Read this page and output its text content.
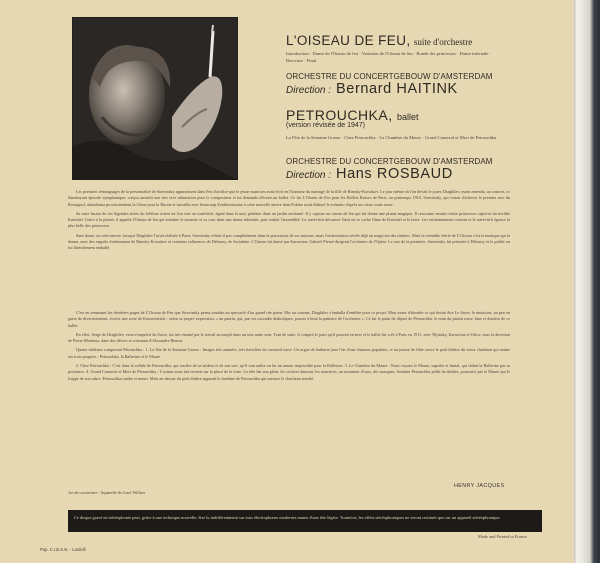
L'OISEAU DE FEU, suite d'orchestre
Introduction · Danse de l'Oiseau de feu · Variation de l'Oiseau de feu · Ronde des princesses · Danse infernale · Berceuse · Final
ORCHESTRE DU CONCERTGEBOUW D'AMSTERDAM
Direction : Bernard HAITINK
PETROUCHKA, ballet
(version révisée de 1947)
La Fête de la Semaine Grasse · Chez Petrouchka · La Chambre du Maure · Grand Carnaval et Mort de Petrouchka
ORCHESTRE DU CONCERTGEBOUW D'AMSTERDAM
Direction : Hans ROSBAUD

Les premiers témoignages de la personnalité de Stravinsky apparaissent dans Feu d'artifice que le jeune musicien avait écrit en l'honneur du mariage de la fille de Rimsky-Korsakov. Le jour même où l'on devait le jouer, Diaghilev, ayant entendu, au concert, ce flamboyant épisode symphonique, conçut aussitôt une très vive admiration pour le compositeur et lui demanda d'écrire un ballet. Ce fut L'Oiseau de Feu pour les Ballets Russes de Paris, au printemps 1910. Stravinsky, qui venait d'achever le premier acte du Rossignol, abandonna provisoirement la Chine pour la Russie et travailla avec beaucoup d'enthousiasme à cette nouvelle œuvre dont Fokine avait élaboré le scénario d'après un vieux conte russe.

Sa suite fusion de ces légendes tirées du folklore orient où l'on voit un tsarévitch, égaré dans la nuit, pénétrer dans un jardin enchanté. Il y capture un oiseau de feu qui lui donne une plume magique. Il rencontre ensuite treize princesses captives du terrible Kastcheï. Grâce à la plume, il appelle l'Oiseau de feu qui entraîne le monstre et sa cour dans une danse infernale, puis endort l'assemblée. Le tsarévitch découvre l'œuf où se cache l'âme de Kastcheï et le brise. Les enchantements cessent et le tsarévitch épouse la plus belle des princesses.

Sans doute, en cette œuvre, lorsque Diaghilev l'avait réalisée à Paris, Stravinsky n'était-il pas complètement dans la possession de ses moyens, mais l'orchestration révèle déjà un magicien des timbres. Mais la véritable féerie de L'Oiseau c'est la musique qui la donne, avec des rappels évidemment de Rimsky-Korsakov et certaines influences de Debussy, de Scriabine. L'Oiseau fut dansé par Karsavina. Gabriel Pierné dirigeait l'orchestre de l'Opéra. Le soir de la première, Stravinsky fut présenté à Debussy et le public en fut littéralement emballé.

C'est en terminant les dernières pages de L'Oiseau de Feu que Stravinsky pensa soudain au spectacle d'un grand rite païen. Mis au courant, Diaghilev s'emballa d'emblée pour ce projet. Mais avant d'aborder ce qui devait être Le Sacre, le musicien, un peu en guise de divertissement, écrivit une sorte de Konzertstück : selon sa propre expression, « un pantin, qui, par ses cascades diaboliques, pousse à bout la patience de l'orchestre ». Ce fut le point de départ de Petrouchka, le nom du pantin russe, âme et douleur de ce ballet.

En effet, Serge de Diaghilev, venu s'enquérir du Sacre, fut très étonné par le travail accompli dans un tout autre sens. Tout de suite, il comprit le parti qu'il pouvait en tirer et le ballet fut créé à Paris en 1911, avec Nijinsky, Karsavina et Orlov, sous la direction de Pierre Monteux, dans des décors et costumes d'Alexandre Benois.

Quatre tableaux composent Petrouchka : 1. La fête de la Semaine Grasse : Images très animées, très bariolées du carnaval russe. Un orgue de barbarie joue l'air d'une chanson populaire, et un joueur de flûte ouvre le petit théâtre du vieux charlatan qui anime ses trois poupées : Petrouchka, la Ballerine et le Maure.

2. Chez Petrouchka : C'est dans la cellule de Petrouchka, qui souffre de sa laideur et de son sort, qu'il sent naître en lui un amour impossible pour la Ballerine. 3. Le Chambre du Maure : Nous voyons le Maure, superbe et brutal, qui séduit la Ballerine par sa prestance. 4. Grand Carnaval et Mort de Petrouchka : L'action nous fait revenir sur la place de la foire. La fête bat son plein, les cochers dansent, les nourrices, un montreur d'ours, des masques. Soudain Petrouchka jaillit du théâtre, poursuivi par le Maure qui le frappe de son sabre. Petrouchka tombe et meurt. Mais au-dessus du petit théâtre apparaît le fantôme de Petrouchka qui menace le charlatan terrifié.

HENRY JACQUES
1re de couverture : Aquarelle de Josef Willner
Ce disque gravé en stéréophonie peut, grâce à une technique nouvelle, être lu indifféremment sur tous électrophones modernes munis d'une tête légère. Toutefois, les effets stéréophoniques ne seront restitués que sur un appareil stéréophonique.
Made and Printed in France
Pap. C.I.B.S.N. - Lardelli
